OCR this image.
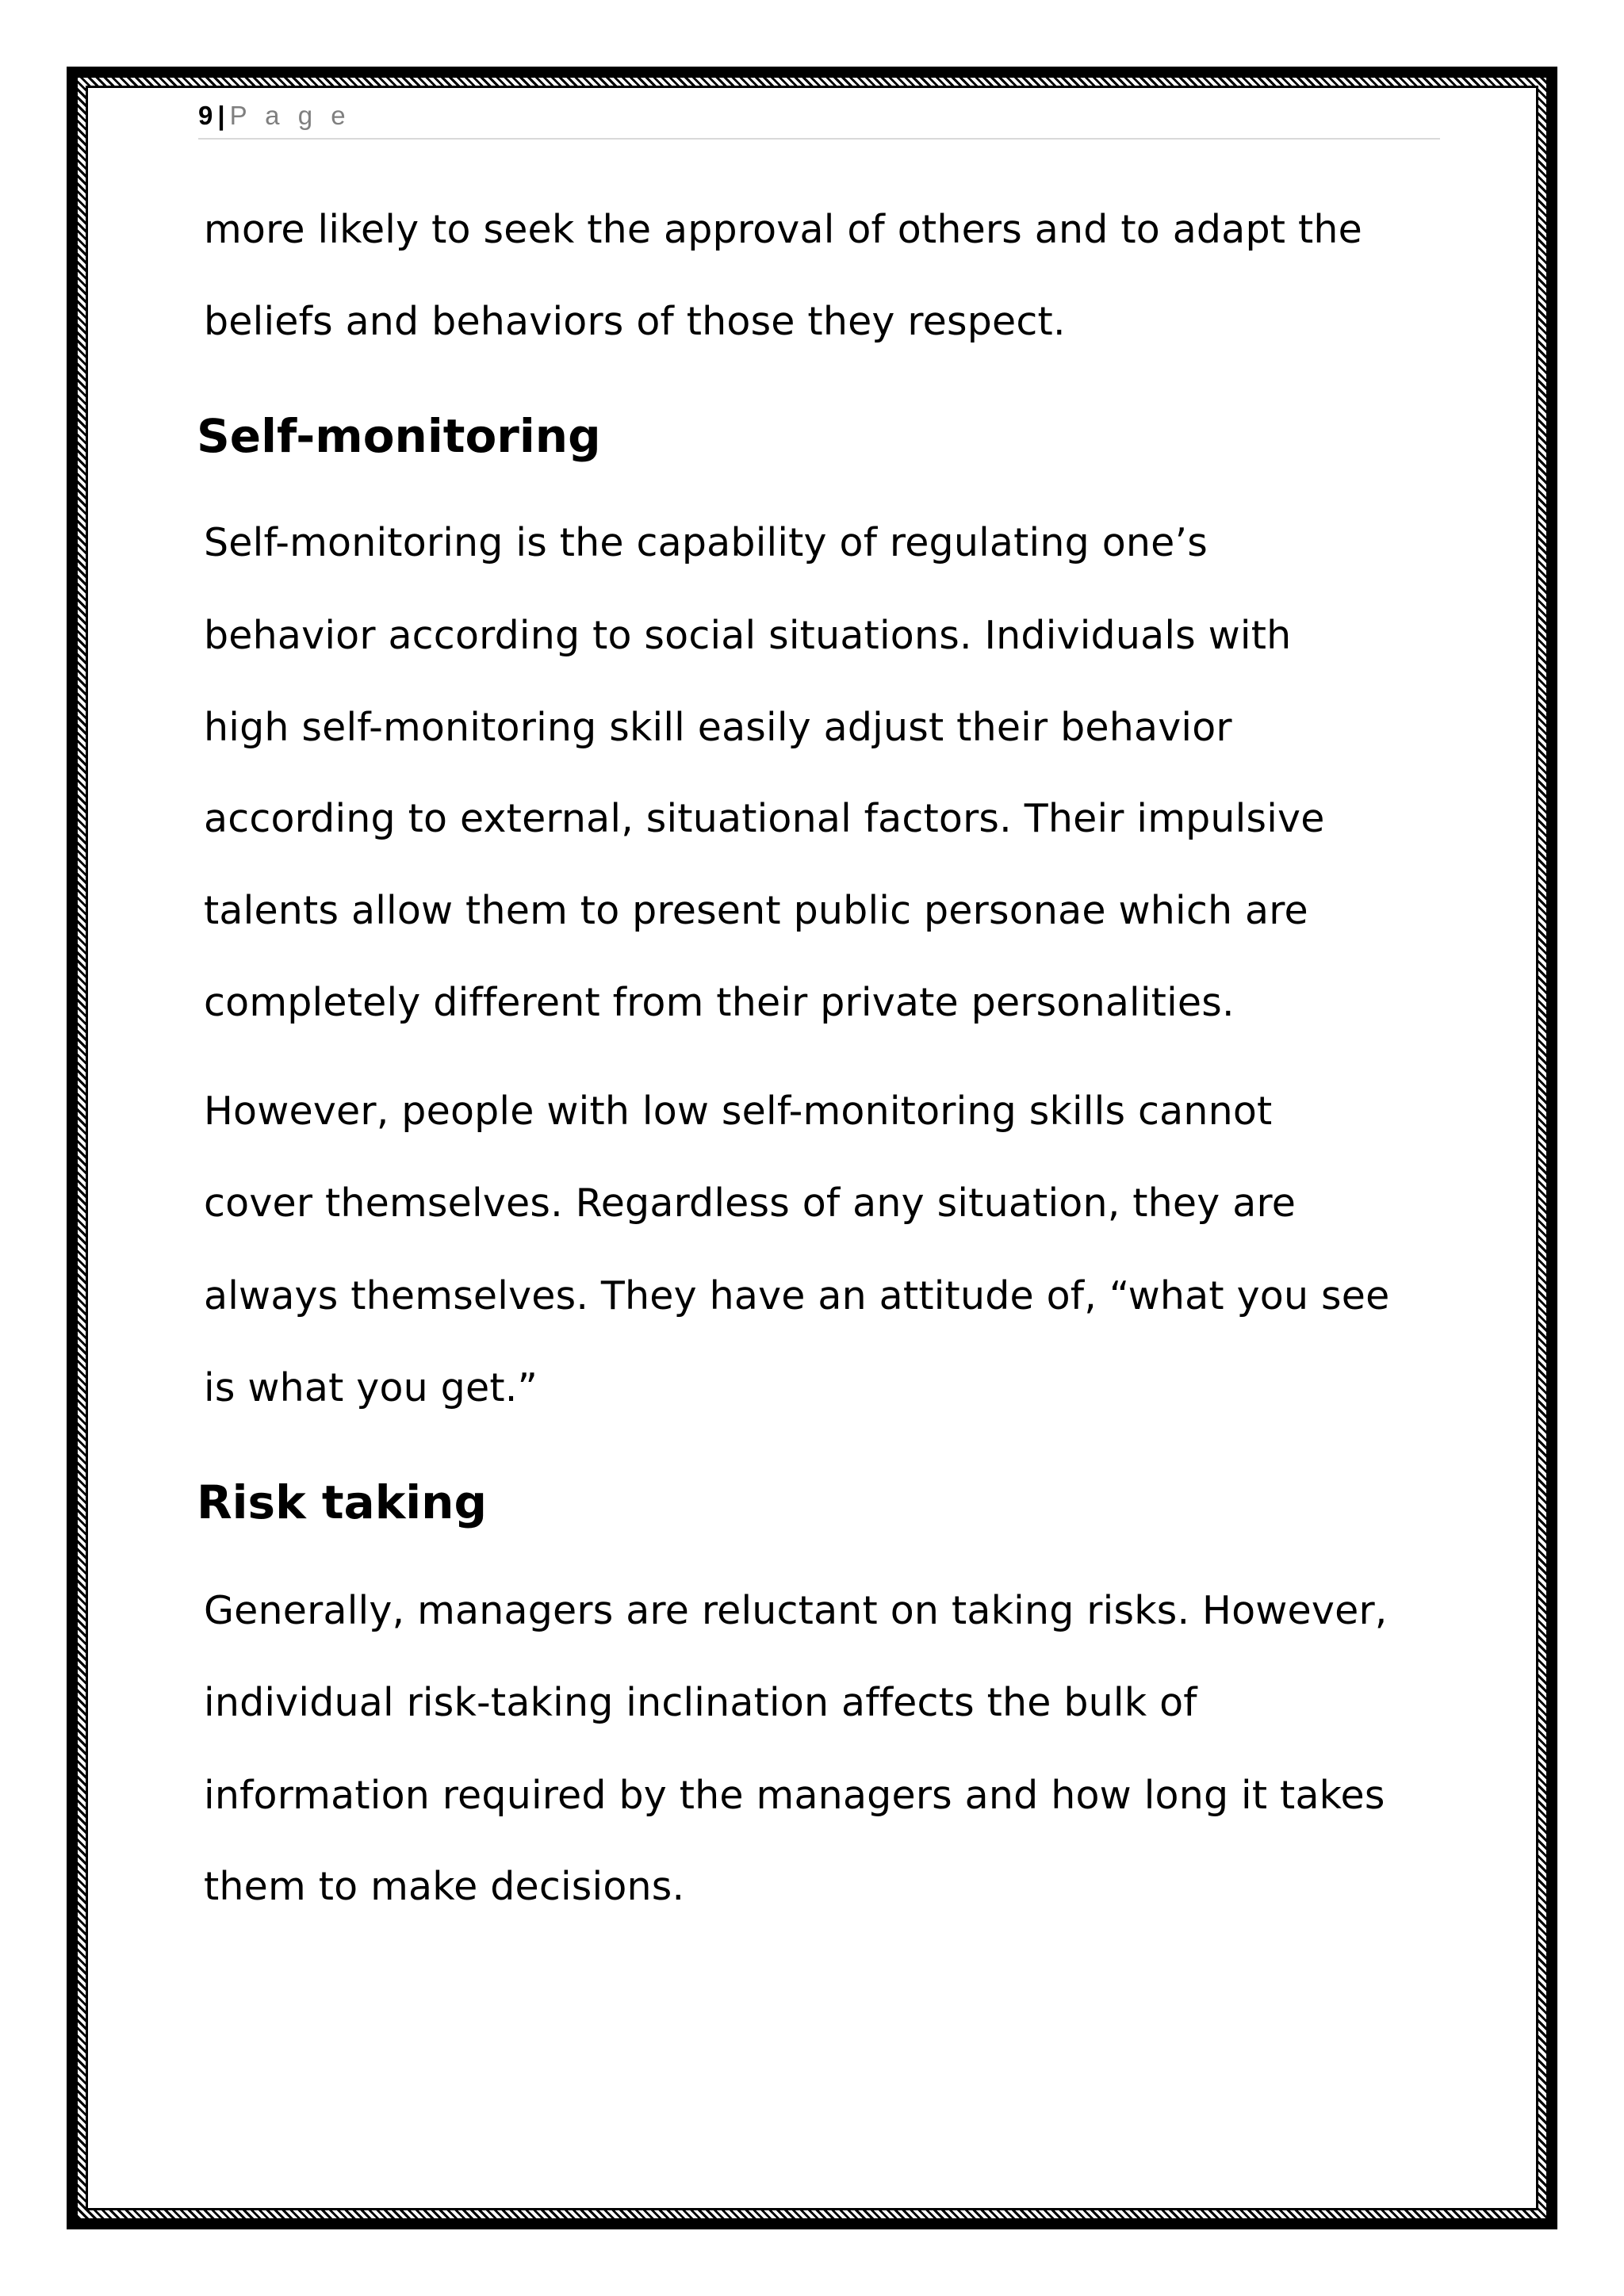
9 | P a g e
more likely to seek the approval of others and to adapt the
beliefs and behaviors of those they respect.
Self-monitoring
Self-monitoring is the capability of regulating one’s
behavior according to social situations. Individuals with
high self-monitoring skill easily adjust their behavior
according to external, situational factors. Their impulsive
talents allow them to present public personae which are
completely different from their private personalities.
However, people with low self-monitoring skills cannot
cover themselves. Regardless of any situation, they are
always themselves. They have an attitude of, “what you see
is what you get.”
Risk taking
Generally, managers are reluctant on taking risks. However,
individual risk-taking inclination affects the bulk of
information required by the managers and how long it takes
them to make decisions.
